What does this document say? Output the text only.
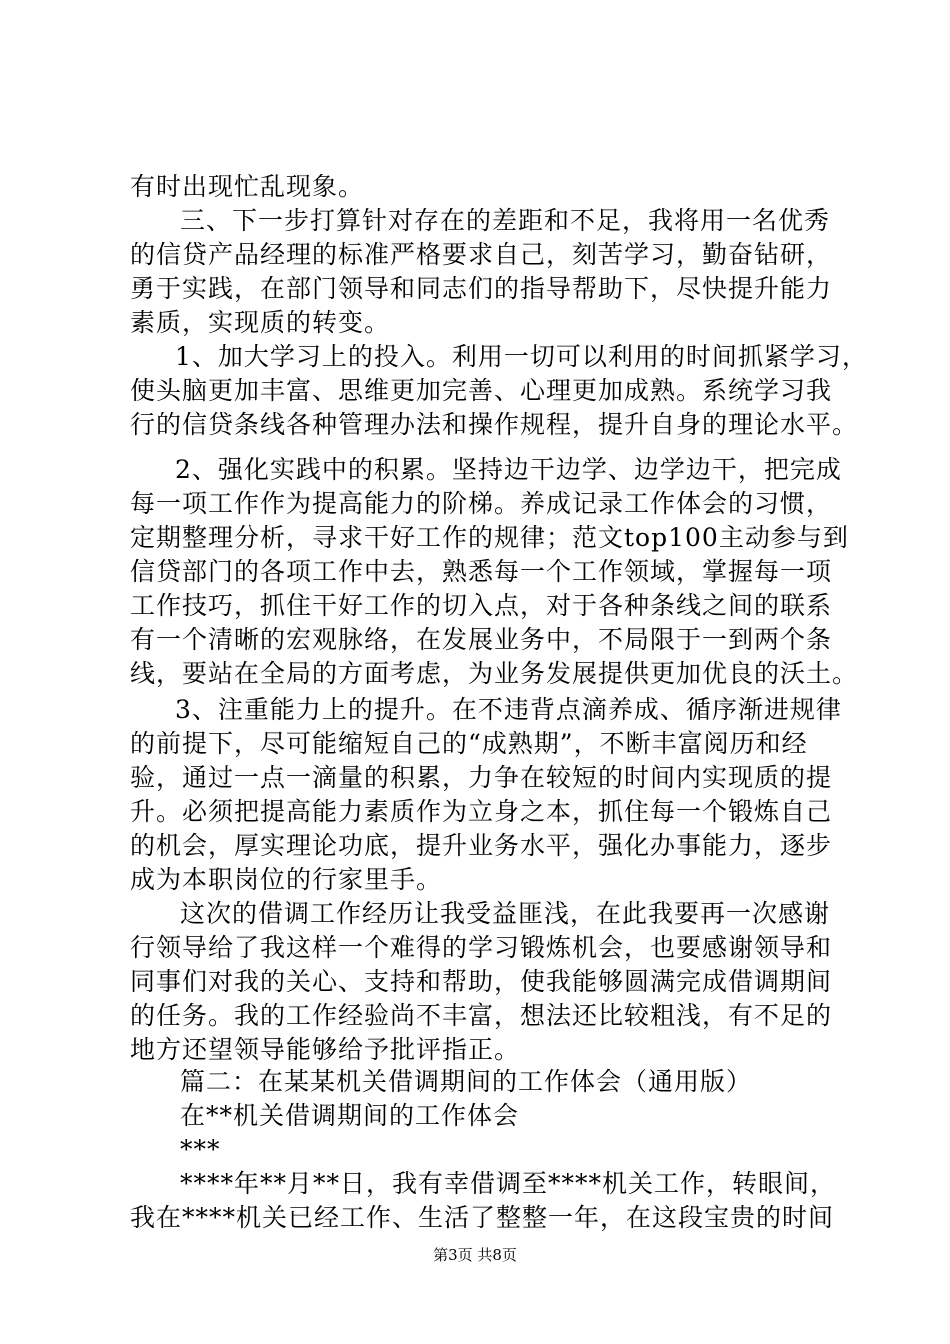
有时出现忙乱现象。
三、下一步打算针对存在的差距和不足，我将用一名优秀
的信贷产品经理的标准严格要求自己，刻苦学习，勤奋钻研，
勇于实践，在部门领导和同志们的指导帮助下，尽快提升能力
素质，实现质的转变。
1、加大学习上的投入。利用一切可以利用的时间抓紧学习，
使头脑更加丰富、思维更加完善、心理更加成熟。系统学习我
行的信贷条线各种管理办法和操作规程，提升自身的理论水平。
2、强化实践中的积累。坚持边干边学、边学边干，把完成
每一项工作作为提高能力的阶梯。养成记录工作体会的习惯，
定期整理分析，寻求干好工作的规律；范文top100主动参与到
信贷部门的各项工作中去，熟悉每一个工作领域，掌握每一项
工作技巧，抓住干好工作的切入点，对于各种条线之间的联系
有一个清晰的宏观脉络，在发展业务中，不局限于一到两个条
线，要站在全局的方面考虑，为业务发展提供更加优良的沃土。
3、注重能力上的提升。在不违背点滴养成、循序渐进规律
的前提下，尽可能缩短自己的“成熟期”，不断丰富阅历和经
验，通过一点一滴量的积累，力争在较短的时间内实现质的提
升。必须把提高能力素质作为立身之本，抓住每一个锻炼自己
的机会，厚实理论功底，提升业务水平，强化办事能力，逐步
成为本职岗位的行家里手。
这次的借调工作经历让我受益匪浅，在此我要再一次感谢
行领导给了我这样一个难得的学习锻炼机会，也要感谢领导和
同事们对我的关心、支持和帮助，使我能够圆满完成借调期间
的任务。我的工作经验尚不丰富，想法还比较粗浅，有不足的
地方还望领导能够给予批评指正。
篇二：在某某机关借调期间的工作体会（通用版）
在**机关借调期间的工作体会
***
****年**月**日，我有幸借调至****机关工作，转眼间，
我在****机关已经工作、生活了整整一年，在这段宝贵的时间
第3页 共8页
